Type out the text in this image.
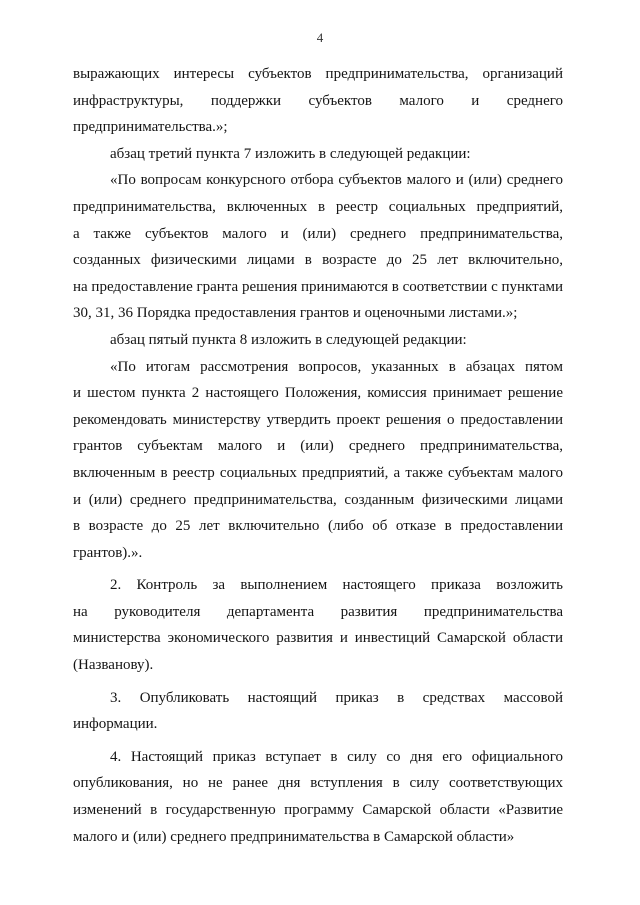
4
выражающих интересы субъектов предпринимательства, организаций
инфраструктуры, поддержки субъектов малого и среднего
предпринимательства.»;
абзац третий пункта 7 изложить в следующей редакции:
«По вопросам конкурсного отбора субъектов малого и (или) среднего
предпринимательства, включенных в реестр социальных предприятий,
а также субъектов малого и (или) среднего предпринимательства,
созданных физическими лицами в возрасте до 25 лет включительно,
на предоставление гранта решения принимаются в соответствии с пунктами
30, 31, 36 Порядка предоставления грантов и оценочными листами.»;
абзац пятый пункта 8 изложить в следующей редакции:
«По итогам рассмотрения вопросов, указанных в абзацах пятом
и шестом пункта 2 настоящего Положения, комиссия принимает решение
рекомендовать министерству утвердить проект решения о предоставлении
грантов субъектам малого и (или) среднего предпринимательства,
включенным в реестр социальных предприятий, а также субъектам малого
и (или) среднего предпринимательства, созданным физическими лицами
в возрасте до 25 лет включительно (либо об отказе в предоставлении
грантов).».
2. Контроль за выполнением настоящего приказа возложить
на руководителя департамента развития предпринимательства
министерства экономического развития и инвестиций Самарской области
(Названову).
3. Опубликовать настоящий приказ в средствах массовой
информации.
4. Настоящий приказ вступает в силу со дня его официального
опубликования, но не ранее дня вступления в силу соответствующих
изменений в государственную программу Самарской области «Развитие
малого и (или) среднего предпринимательства в Самарской области»
